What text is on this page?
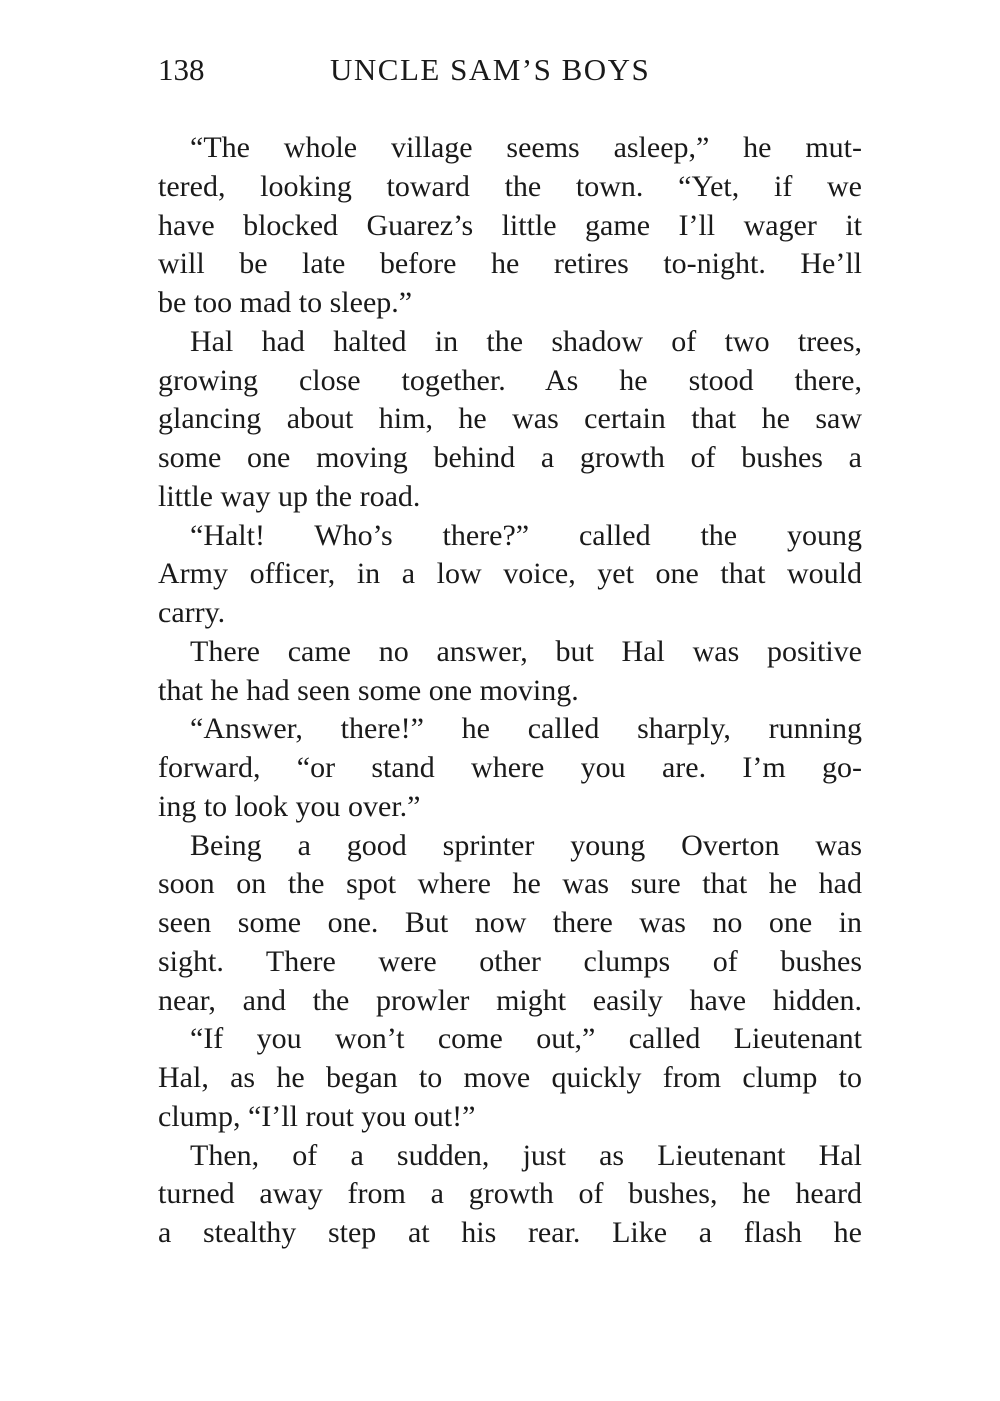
138	UNCLE SAM’S BOYS
“The whole village seems asleep,” he mut-
tered, looking toward the town. “Yet, if we
have blocked Guarez’s little game I’ll wager it
will be late before he retires to-night. He’ll
be too mad to sleep.”
Hal had halted in the shadow of two trees,
growing close together. As he stood there,
glancing about him, he was certain that he saw
some one moving behind a growth of bushes a
little way up the road.
“Halt! Who’s there?” called the young
Army officer, in a low voice, yet one that would
carry.
There came no answer, but Hal was positive
that he had seen some one moving.
“Answer, there!” he called sharply, running
forward, “or stand where you are. I’m go-
ing to look you over.”
Being a good sprinter young Overton was
soon on the spot where he was sure that he had
seen some one. But now there was no one in
sight. There were other clumps of bushes
near, and the prowler might easily have hidden.
“If you won’t come out,” called Lieutenant
Hal, as he began to move quickly from clump to
clump, “I’ll rout you out!”
Then, of a sudden, just as Lieutenant Hal
turned away from a growth of bushes, he heard
a stealthy step at his rear. Like a flash he
